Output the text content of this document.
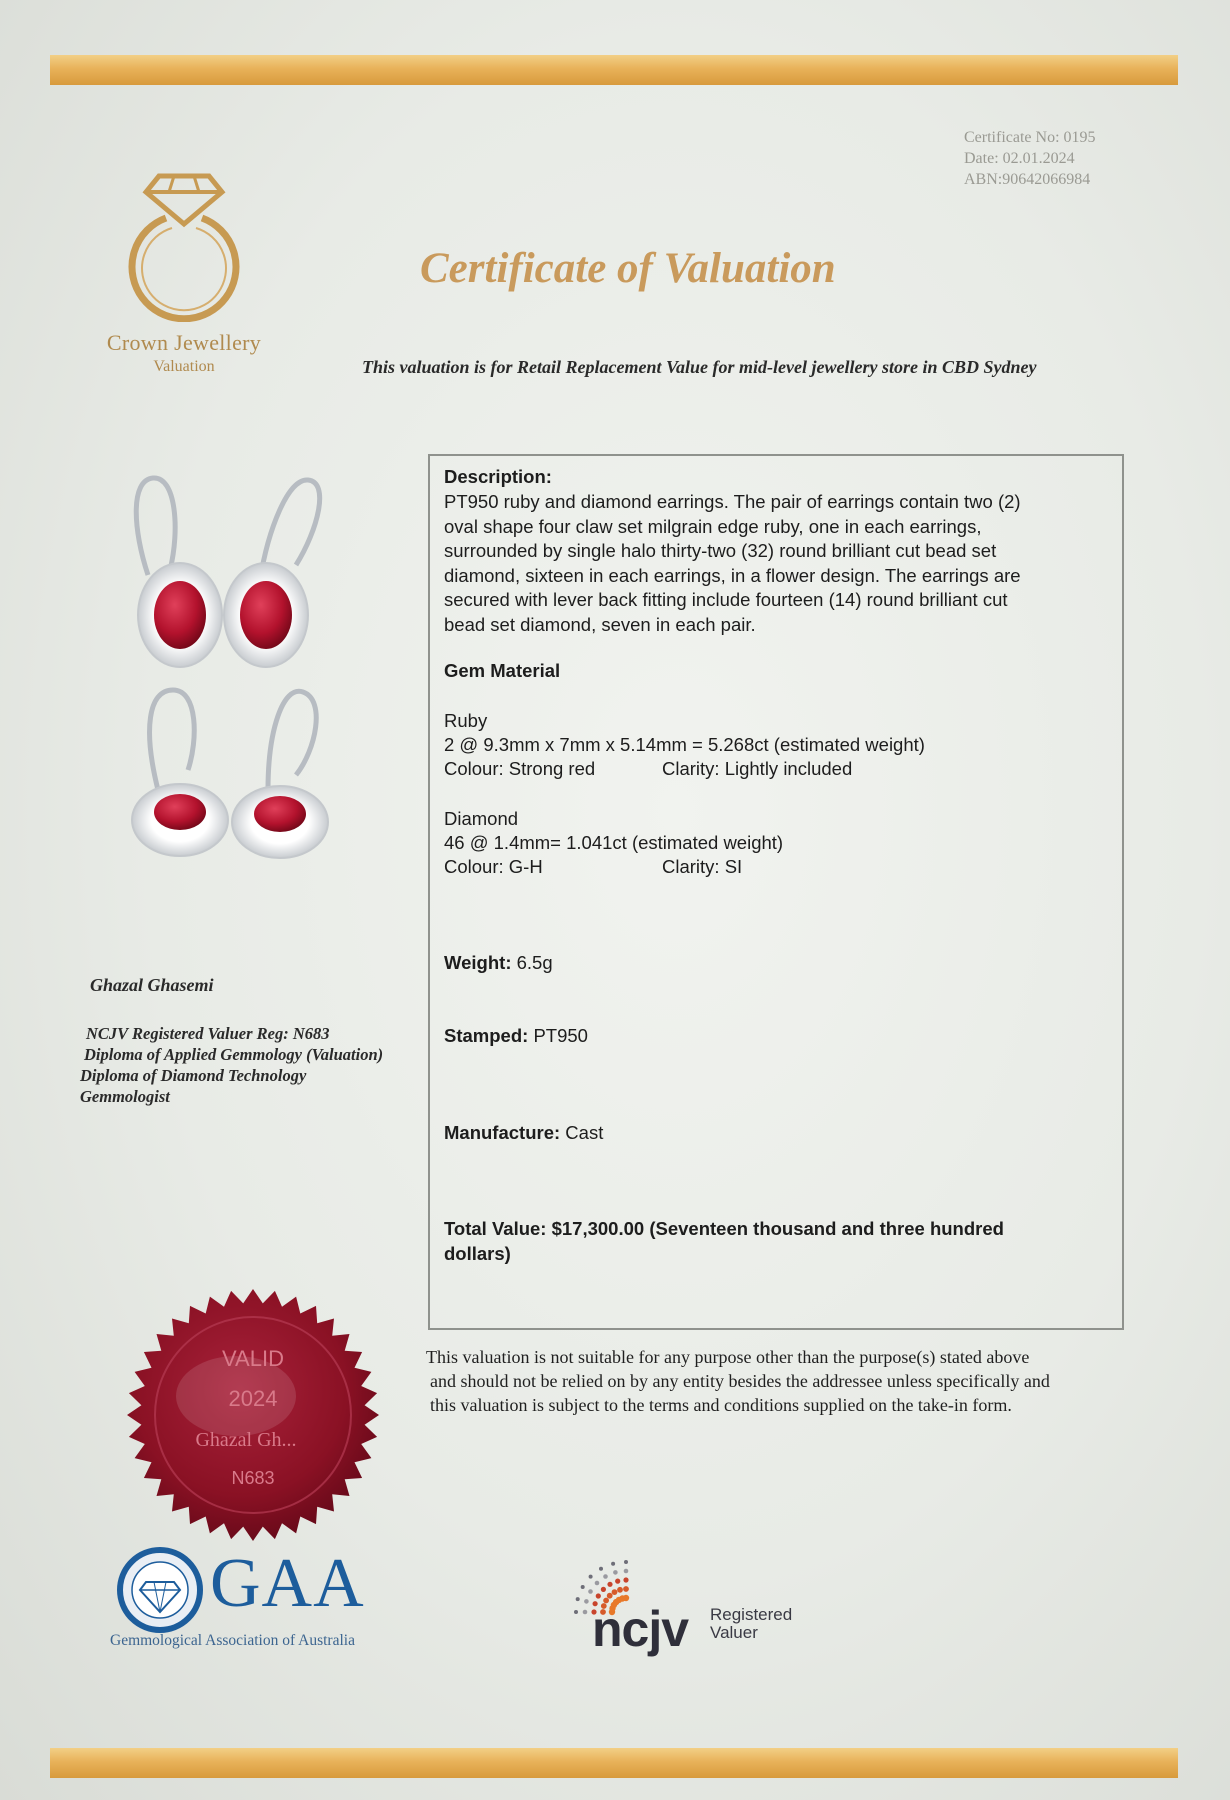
Certificate No: 0195
Date: 02.01.2024
ABN:90642066984
Crown Jewellery
Valuation
Certificate of Valuation
This valuation is for Retail Replacement Value for mid-level jewellery store in CBD Sydney
Description:
PT950 ruby and diamond earrings. The pair of earrings contain two (2)
oval shape four claw set milgrain edge ruby, one in each earrings,
surrounded by single halo thirty-two (32) round brilliant cut bead set
diamond, sixteen in each earrings, in a flower design. The earrings are
secured with lever back fitting include fourteen (14) round brilliant cut
bead set diamond, seven in each pair.
Gem Material
Ruby
2 @ 9.3mm x 7mm x 5.14mm = 5.268ct (estimated weight)
Colour: Strong red	Clarity: Lightly included
Diamond
46 @ 1.4mm= 1.041ct (estimated weight)
Colour: G-H	Clarity: SI
Weight: 6.5g
Stamped: PT950
Manufacture: Cast
Total Value: $17,300.00 (Seventeen thousand and three hundred
dollars)
Ghazal Ghasemi
NCJV Registered Valuer Reg: N683
Diploma of Applied Gemmology (Valuation)
Diploma of Diamond Technology
Gemmologist
This valuation is not suitable for any purpose other than the purpose(s) stated above
and should not be relied on by any entity besides the addressee unless specifically and
this valuation is subject to the terms and conditions supplied on the take-in form.
VALID
2024
Ghazal Gh...
N683
GAA
Gemmological Association of Australia	ncjv Registered
Valuer
